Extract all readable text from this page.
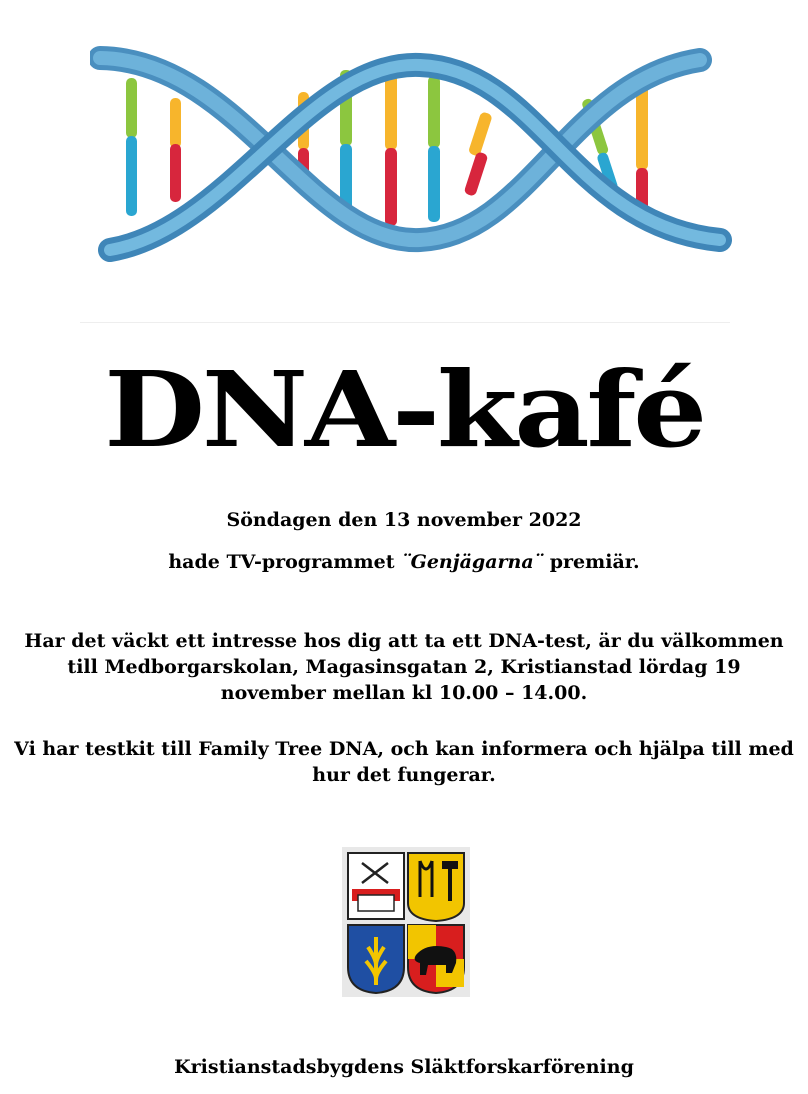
DNA-kafé
Söndagen den 13 november 2022
hade TV-programmet ¨Genjägarna¨ premiär.
Har det väckt ett intresse hos dig att ta ett DNA-test, är du välkommen till Medborgarskolan, Magasinsgatan 2, Kristianstad lördag 19 november mellan kl 10.00 – 14.00.
Vi har testkit till Family Tree DNA, och kan informera och hjälpa till med hur det fungerar.
Kristianstadsbygdens Släktforskarförening
